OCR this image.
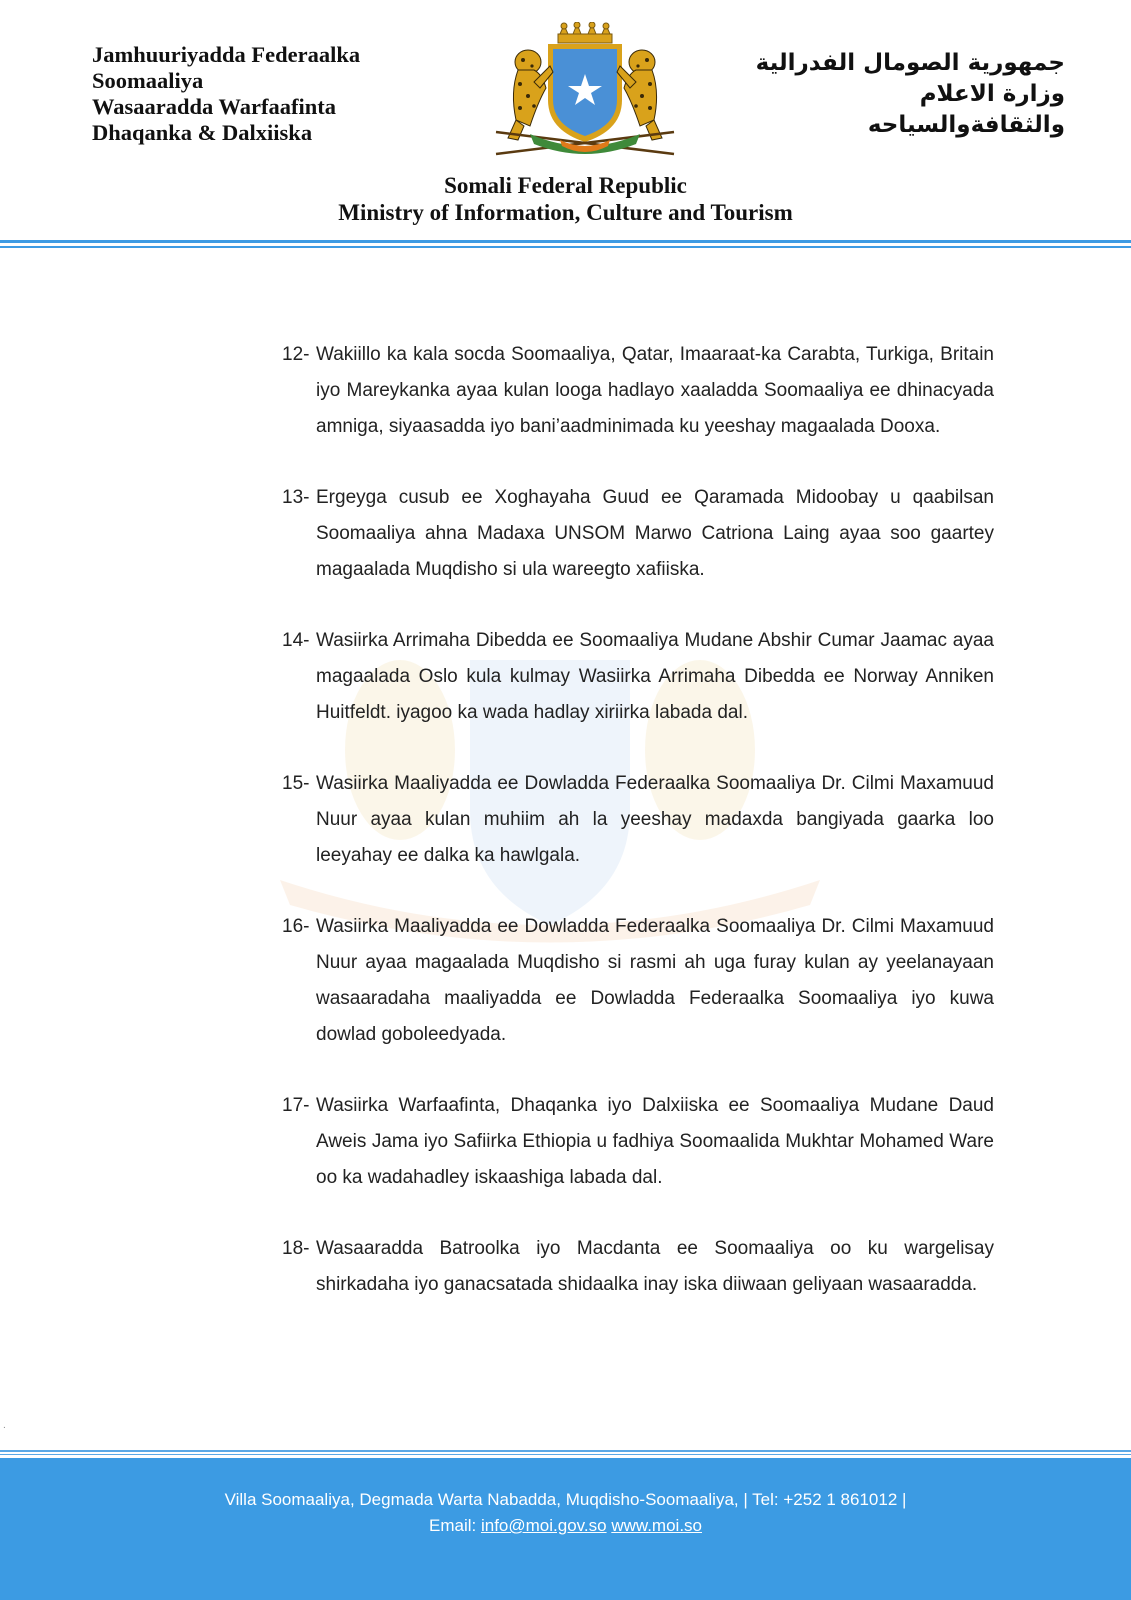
Jamhuuriyadda Federaalka
Soomaaliya
Wasaaradda Warfaafinta
Dhaqanka & Dalxiiska
جمهورية الصومال الفدرالية
وزارة الاعلام
والثقافةوالسياحه
Somali Federal Republic
Ministry of Information, Culture and Tourism
12- Wakiillo ka kala socda Soomaaliya, Qatar, Imaaraat-ka Carabta, Turkiga, Britain iyo Mareykanka ayaa kulan looga hadlayo xaaladda Soomaaliya ee dhinacyada amniga, siyaasadda iyo bani’aadminimada ku yeeshay magaalada Dooxa.
13- Ergeyga cusub ee Xoghayaha Guud ee Qaramada Midoobay u qaabilsan Soomaaliya ahna Madaxa UNSOM Marwo Catriona Laing ayaa soo gaartey magaalada Muqdisho si ula wareegto xafiiska.
14- Wasiirka Arrimaha Dibedda ee Soomaaliya Mudane Abshir Cumar Jaamac ayaa magaalada Oslo kula kulmay Wasiirka Arrimaha Dibedda ee Norway Anniken Huitfeldt. iyagoo ka wada hadlay xiriirka labada dal.
15- Wasiirka Maaliyadda ee Dowladda Federaalka Soomaaliya Dr. Cilmi Maxamuud Nuur ayaa kulan muhiim ah la yeeshay madaxda bangiyada gaarka loo leeyahay ee dalka ka hawlgala.
16- Wasiirka Maaliyadda ee Dowladda Federaalka Soomaaliya Dr. Cilmi Maxamuud Nuur ayaa magaalada Muqdisho si rasmi ah uga furay kulan ay yeelanayaan wasaaradaha maaliyadda ee Dowladda Federaalka Soomaaliya iyo kuwa dowlad goboleedyada.
17- Wasiirka Warfaafinta, Dhaqanka iyo Dalxiiska ee Soomaaliya Mudane Daud Aweis Jama iyo Safiirka Ethiopia u fadhiya Soomaalida Mukhtar Mohamed Ware oo ka wadahadley iskaashiga labada dal.
18- Wasaaradda Batroolka iyo Macdanta ee Soomaaliya oo ku wargelisay shirkadaha iyo ganacsatada shidaalka inay iska diiwaan geliyaan wasaaradda.
.
Villa Soomaaliya, Degmada Warta Nabadda, Muqdisho-Soomaaliya, | Tel: +252 1 861012 |
Email: info@moi.gov.so www.moi.so
